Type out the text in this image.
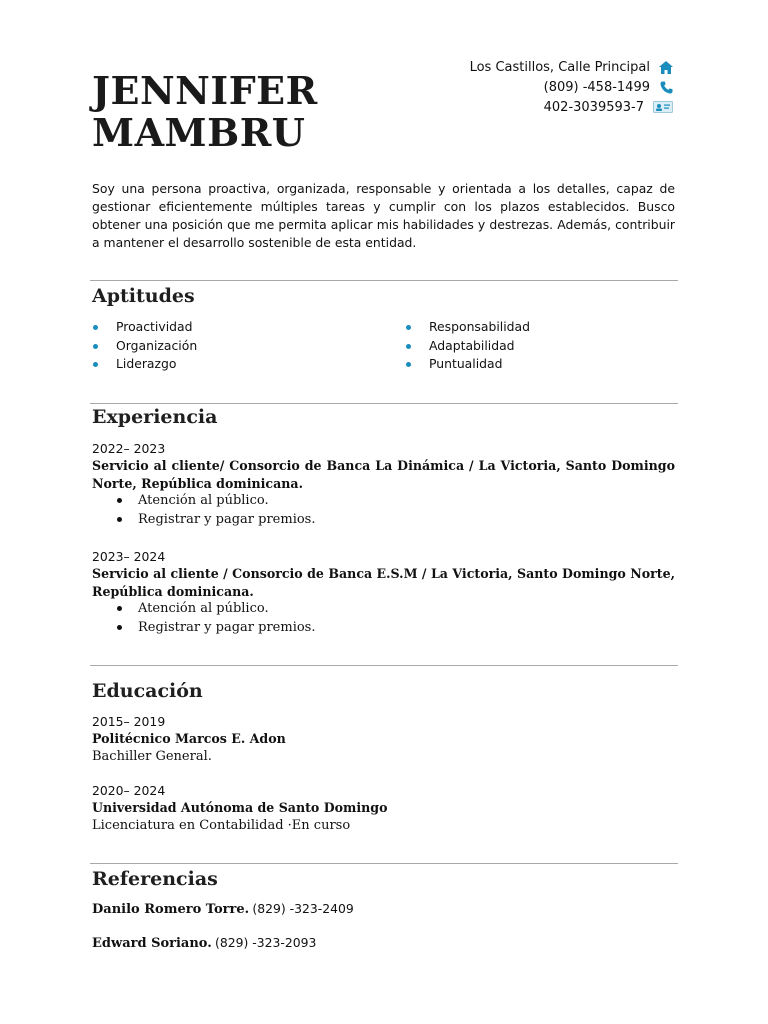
JENNIFER
MAMBRU
Los Castillos, Calle Principal
(809) -458-1499
402-3039593-7
Soy una persona proactiva, organizada, responsable y orientada a los detalles, capaz de gestionar eficientemente múltiples tareas y cumplir con los plazos establecidos. Busco obtener una posición que me permita aplicar mis habilidades y destrezas. Además, contribuir a mantener el desarrollo sostenible de esta entidad.
Aptitudes
Proactividad
Organización
Liderazgo
Responsabilidad
Adaptabilidad
Puntualidad
Experiencia
2022– 2023
Servicio al cliente/ Consorcio de Banca La Dinámica / La Victoria, Santo Domingo Norte, República dominicana.
Atención al público.
Registrar y pagar premios.
2023– 2024
Servicio al cliente / Consorcio de Banca E.S.M / La Victoria, Santo Domingo Norte, República dominicana.
Atención al público.
Registrar y pagar premios.
Educación
2015– 2019
Politécnico Marcos E. Adon
Bachiller General.
2020– 2024
Universidad Autónoma de Santo Domingo
Licenciatura en Contabilidad ·En curso
Referencias
Danilo Romero Torre. (829) -323-2409
Edward Soriano. (829) -323-2093
